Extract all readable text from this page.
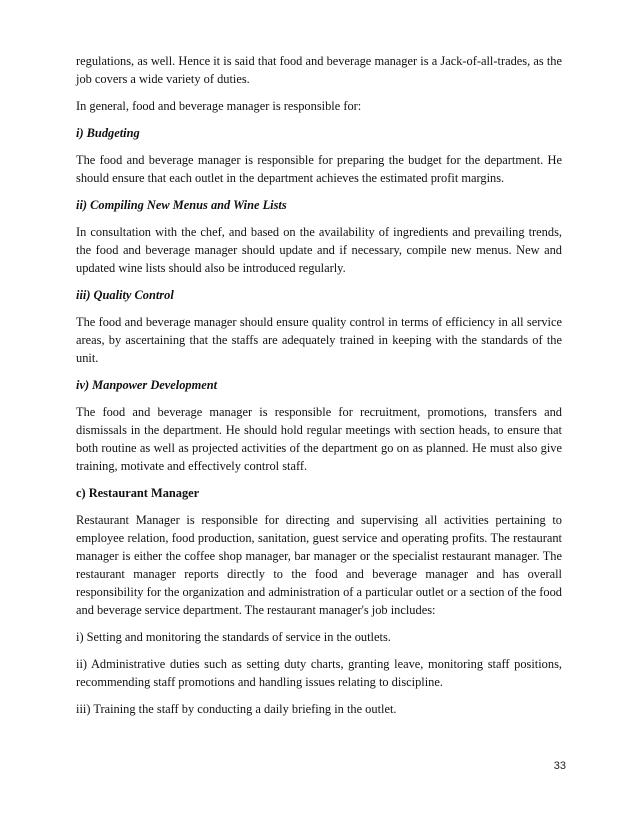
regulations, as well. Hence it is said that food and beverage manager is a Jack-of-all-trades, as the job covers a wide variety of duties.

In general, food and beverage manager is responsible for:

i) Budgeting

The food and beverage manager is responsible for preparing the budget for the department. He should ensure that each outlet in the department achieves the estimated profit margins.

ii) Compiling New Menus and Wine Lists

In consultation with the chef, and based on the availability of ingredients and prevailing trends, the food and beverage manager should update and if necessary, compile new menus. New and updated wine lists should also be introduced regularly.

iii) Quality Control

The food and beverage manager should ensure quality control in terms of efficiency in all service areas, by ascertaining that the staffs are adequately trained in keeping with the standards of the unit.

iv) Manpower Development

The food and beverage manager is responsible for recruitment, promotions, transfers and dismissals in the department. He should hold regular meetings with section heads, to ensure that both routine as well as projected activities of the department go on as planned. He must also give training, motivate and effectively control staff.

c) Restaurant Manager

Restaurant Manager is responsible for directing and supervising all activities pertaining to employee relation, food production, sanitation, guest service and operating profits. The restaurant manager is either the coffee shop manager, bar manager or the specialist restaurant manager. The restaurant manager reports directly to the food and beverage manager and has overall responsibility for the organization and administration of a particular outlet or a section of the food and beverage service department. The restaurant manager's job includes:

i) Setting and monitoring the standards of service in the outlets.

ii) Administrative duties such as setting duty charts, granting leave, monitoring staff positions, recommending staff promotions and handling issues relating to discipline.

iii) Training the staff by conducting a daily briefing in the outlet.

33
